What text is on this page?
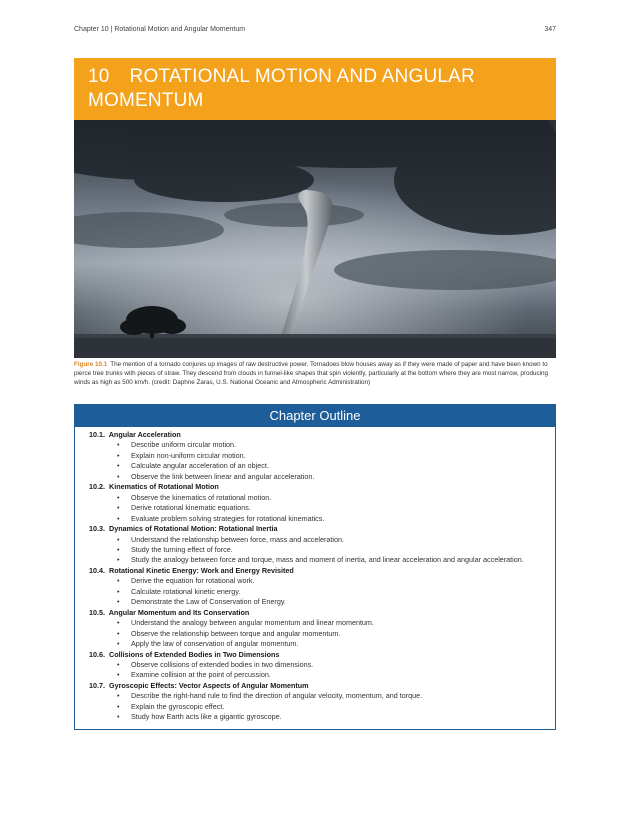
Chapter 10 | Rotational Motion and Angular Momentum	347
10 ROTATIONAL MOTION AND ANGULAR MOMENTUM
Figure 10.1 The mention of a tornado conjures up images of raw destructive power. Tornadoes blow houses away as if they were made of paper and have been known to pierce tree trunks with pieces of straw. They descend from clouds in funnel-like shapes that spin violently, particularly at the bottom where they are most narrow, producing winds as high as 500 km/h. (credit: Daphne Zaras, U.S. National Oceanic and Atmospheric Administration)
Chapter Outline
10.1. Angular Acceleration
• Describe uniform circular motion.
• Explain non-uniform circular motion.
• Calculate angular acceleration of an object.
• Observe the link between linear and angular acceleration.
10.2. Kinematics of Rotational Motion
• Observe the kinematics of rotational motion.
• Derive rotational kinematic equations.
• Evaluate problem solving strategies for rotational kinematics.
10.3. Dynamics of Rotational Motion: Rotational Inertia
• Understand the relationship between force, mass and acceleration.
• Study the turning effect of force.
• Study the analogy between force and torque, mass and moment of inertia, and linear acceleration and angular acceleration.
10.4. Rotational Kinetic Energy: Work and Energy Revisited
• Derive the equation for rotational work.
• Calculate rotational kinetic energy.
• Demonstrate the Law of Conservation of Energy.
10.5. Angular Momentum and Its Conservation
• Understand the analogy between angular momentum and linear momentum.
• Observe the relationship between torque and angular momentum.
• Apply the law of conservation of angular momentum.
10.6. Collisions of Extended Bodies in Two Dimensions
• Observe collisions of extended bodies in two dimensions.
• Examine collision at the point of percussion.
10.7. Gyroscopic Effects: Vector Aspects of Angular Momentum
• Describe the right-hand rule to find the direction of angular velocity, momentum, and torque.
• Explain the gyroscopic effect.
• Study how Earth acts like a gigantic gyroscope.
